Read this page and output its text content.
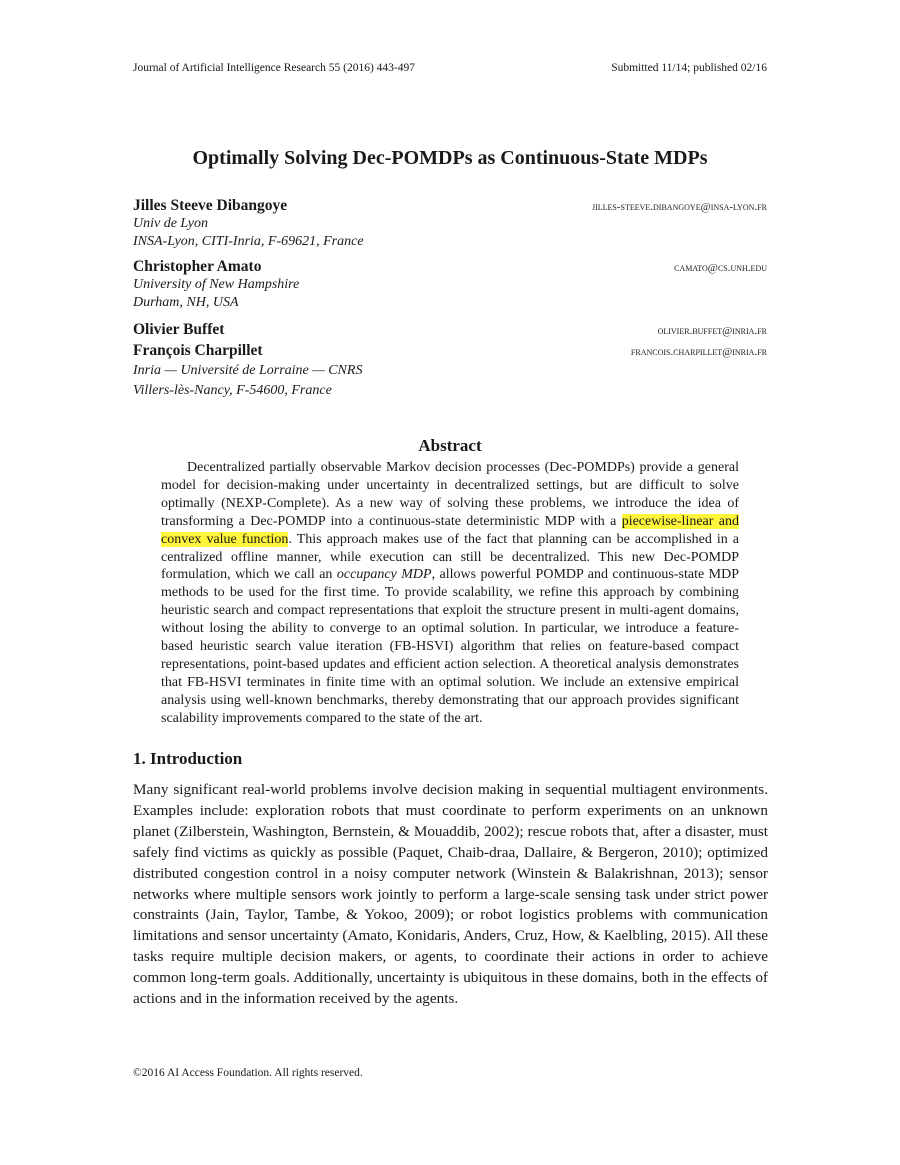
Journal of Artificial Intelligence Research 55 (2016) 443-497	Submitted 11/14; published 02/16
Optimally Solving Dec-POMDPs as Continuous-State MDPs
Jilles Steeve Dibangoye	jilles-steeve.dibangoye@insa-lyon.fr
Univ de Lyon
INSA-Lyon, CITI-Inria, F-69621, France
Christopher Amato	camato@cs.unh.edu
University of New Hampshire
Durham, NH, USA
Olivier Buffet	olivier.buffet@inria.fr
François Charpillet	francois.charpillet@inria.fr
Inria — Université de Lorraine — CNRS
Villers-lès-Nancy, F-54600, France
Abstract
Decentralized partially observable Markov decision processes (Dec-POMDPs) provide a general model for decision-making under uncertainty in decentralized settings, but are difficult to solve optimally (NEXP-Complete). As a new way of solving these problems, we introduce the idea of transforming a Dec-POMDP into a continuous-state deterministic MDP with a piecewise-linear and convex value function. This approach makes use of the fact that planning can be accomplished in a centralized offline manner, while execution can still be decentralized. This new Dec-POMDP formulation, which we call an occupancy MDP, allows powerful POMDP and continuous-state MDP methods to be used for the first time. To provide scalability, we refine this approach by combining heuristic search and compact representations that exploit the structure present in multi-agent domains, without losing the ability to converge to an optimal solution. In particular, we introduce a feature-based heuristic search value iteration (FB-HSVI) algorithm that relies on feature-based compact representations, point-based updates and efficient action selection. A theoretical analysis demonstrates that FB-HSVI terminates in finite time with an optimal solution. We include an extensive empirical analysis using well-known benchmarks, thereby demonstrating that our approach provides significant scalability improvements compared to the state of the art.
1. Introduction
Many significant real-world problems involve decision making in sequential multiagent environments. Examples include: exploration robots that must coordinate to perform experiments on an unknown planet (Zilberstein, Washington, Bernstein, & Mouaddib, 2002); rescue robots that, after a disaster, must safely find victims as quickly as possible (Paquet, Chaib-draa, Dallaire, & Bergeron, 2010); optimized distributed congestion control in a noisy computer network (Winstein & Balakrishnan, 2013); sensor networks where multiple sensors work jointly to perform a large-scale sensing task under strict power constraints (Jain, Taylor, Tambe, & Yokoo, 2009); or robot logistics problems with communication limitations and sensor uncertainty (Amato, Konidaris, Anders, Cruz, How, & Kaelbling, 2015). All these tasks require multiple decision makers, or agents, to coordinate their actions in order to achieve common long-term goals. Additionally, uncertainty is ubiquitous in these domains, both in the effects of actions and in the information received by the agents.
©2016 AI Access Foundation. All rights reserved.
